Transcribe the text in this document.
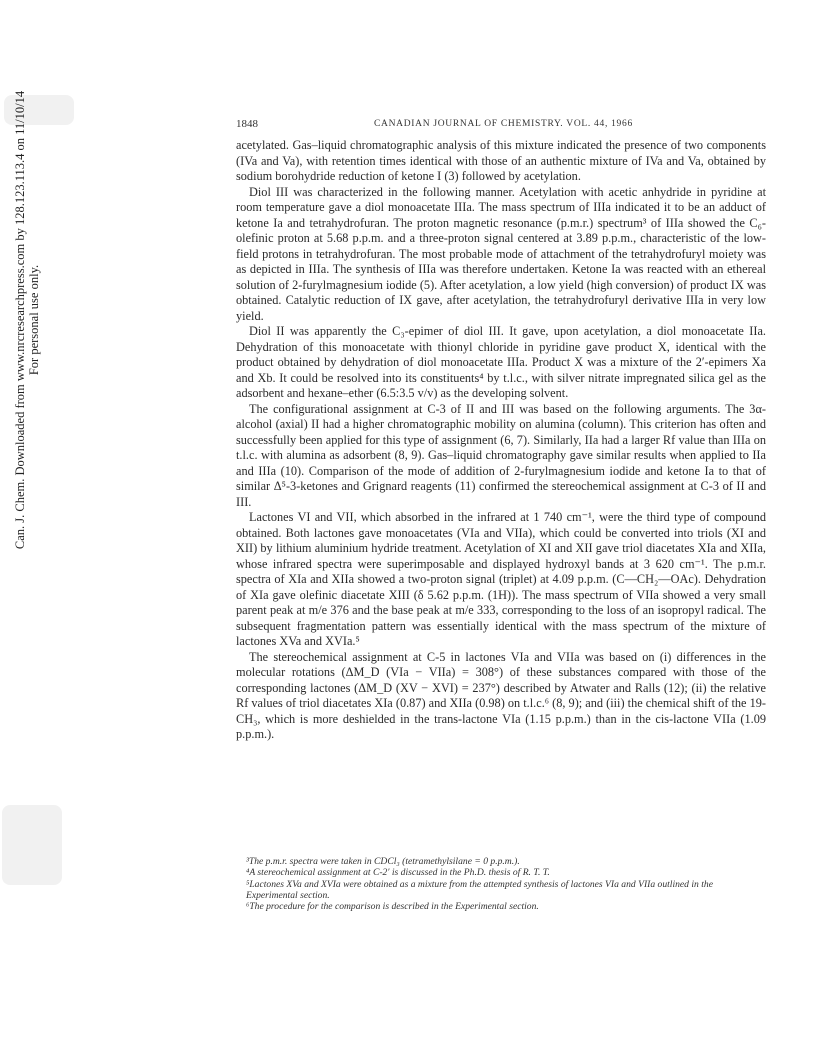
Can. J. Chem. Downloaded from www.nrcresearchpress.com by 128.123.113.4 on 11/10/14 For personal use only.
1848	CANADIAN JOURNAL OF CHEMISTRY. VOL. 44, 1966

acetylated. Gas–liquid chromatographic analysis of this mixture indicated the presence of two components (IVa and Va), with retention times identical with those of an authentic mixture of IVa and Va, obtained by sodium borohydride reduction of ketone I (3) followed by acetylation.

Diol III was characterized in the following manner. Acetylation with acetic anhydride in pyridine at room temperature gave a diol monoacetate IIIa. The mass spectrum of IIIa indicated it to be an adduct of ketone Ia and tetrahydrofuran. The proton magnetic resonance (p.m.r.) spectrum³ of IIIa showed the C₆-olefinic proton at 5.68 p.p.m. and a three-proton signal centered at 3.89 p.p.m., characteristic of the low-field protons in tetrahydrofuran. The most probable mode of attachment of the tetrahydrofuryl moiety was as depicted in IIIa. The synthesis of IIIa was therefore undertaken. Ketone Ia was reacted with an ethereal solution of 2-furylmagnesium iodide (5). After acetylation, a low yield (high conversion) of product IX was obtained. Catalytic reduction of IX gave, after acetylation, the tetrahydrofuryl derivative IIIa in very low yield.

Diol II was apparently the C₃-epimer of diol III. It gave, upon acetylation, a diol monoacetate IIa. Dehydration of this monoacetate with thionyl chloride in pyridine gave product X, identical with the product obtained by dehydration of diol monoacetate IIIa. Product X was a mixture of the 2′-epimers Xa and Xb. It could be resolved into its constituents⁴ by t.l.c., with silver nitrate impregnated silica gel as the adsorbent and hexane–ether (6.5:3.5 v/v) as the developing solvent.

The configurational assignment at C-3 of II and III was based on the following arguments. The 3α-alcohol (axial) II had a higher chromatographic mobility on alumina (column). This criterion has often and successfully been applied for this type of assignment (6, 7). Similarly, IIa had a larger Rf value than IIIa on t.l.c. with alumina as adsorbent (8, 9). Gas–liquid chromatography gave similar results when applied to IIa and IIIa (10). Comparison of the mode of addition of 2-furylmagnesium iodide and ketone Ia to that of similar Δ⁵-3-ketones and Grignard reagents (11) confirmed the stereochemical assignment at C-3 of II and III.

Lactones VI and VII, which absorbed in the infrared at 1 740 cm⁻¹, were the third type of compound obtained. Both lactones gave monoacetates (VIa and VIIa), which could be converted into triols (XI and XII) by lithium aluminium hydride treatment. Acetylation of XI and XII gave triol diacetates XIa and XIIa, whose infrared spectra were superimposable and displayed hydroxyl bands at 3 620 cm⁻¹. The p.m.r. spectra of XIa and XIIa showed a two-proton signal (triplet) at 4.09 p.p.m. (C—CH₂—OAc). Dehydration of XIa gave olefinic diacetate XIII (δ 5.62 p.p.m. (1H)). The mass spectrum of VIIa showed a very small parent peak at m/e 376 and the base peak at m/e 333, corresponding to the loss of an isopropyl radical. The subsequent fragmentation pattern was essentially identical with the mass spectrum of the mixture of lactones XVa and XVIa.⁵

The stereochemical assignment at C-5 in lactones VIa and VIIa was based on (i) differences in the molecular rotations (ΔM_D (VIa − VIIa) = 308°) of these substances compared with those of the corresponding lactones (ΔM_D (XV − XVI) = 237°) described by Atwater and Ralls (12); (ii) the relative Rf values of triol diacetates XIa (0.87) and XIIa (0.98) on t.l.c.⁶ (8, 9); and (iii) the chemical shift of the 19-CH₃, which is more deshielded in the trans-lactone VIa (1.15 p.p.m.) than in the cis-lactone VIIa (1.09 p.p.m.).

³The p.m.r. spectra were taken in CDCl₃ (tetramethylsilane = 0 p.p.m.).
⁴A stereochemical assignment at C-2′ is discussed in the Ph.D. thesis of R. T. T.
⁵Lactones XVa and XVIa were obtained as a mixture from the attempted synthesis of lactones VIa and VIIa outlined in the Experimental section.
⁶The procedure for the comparison is described in the Experimental section.
